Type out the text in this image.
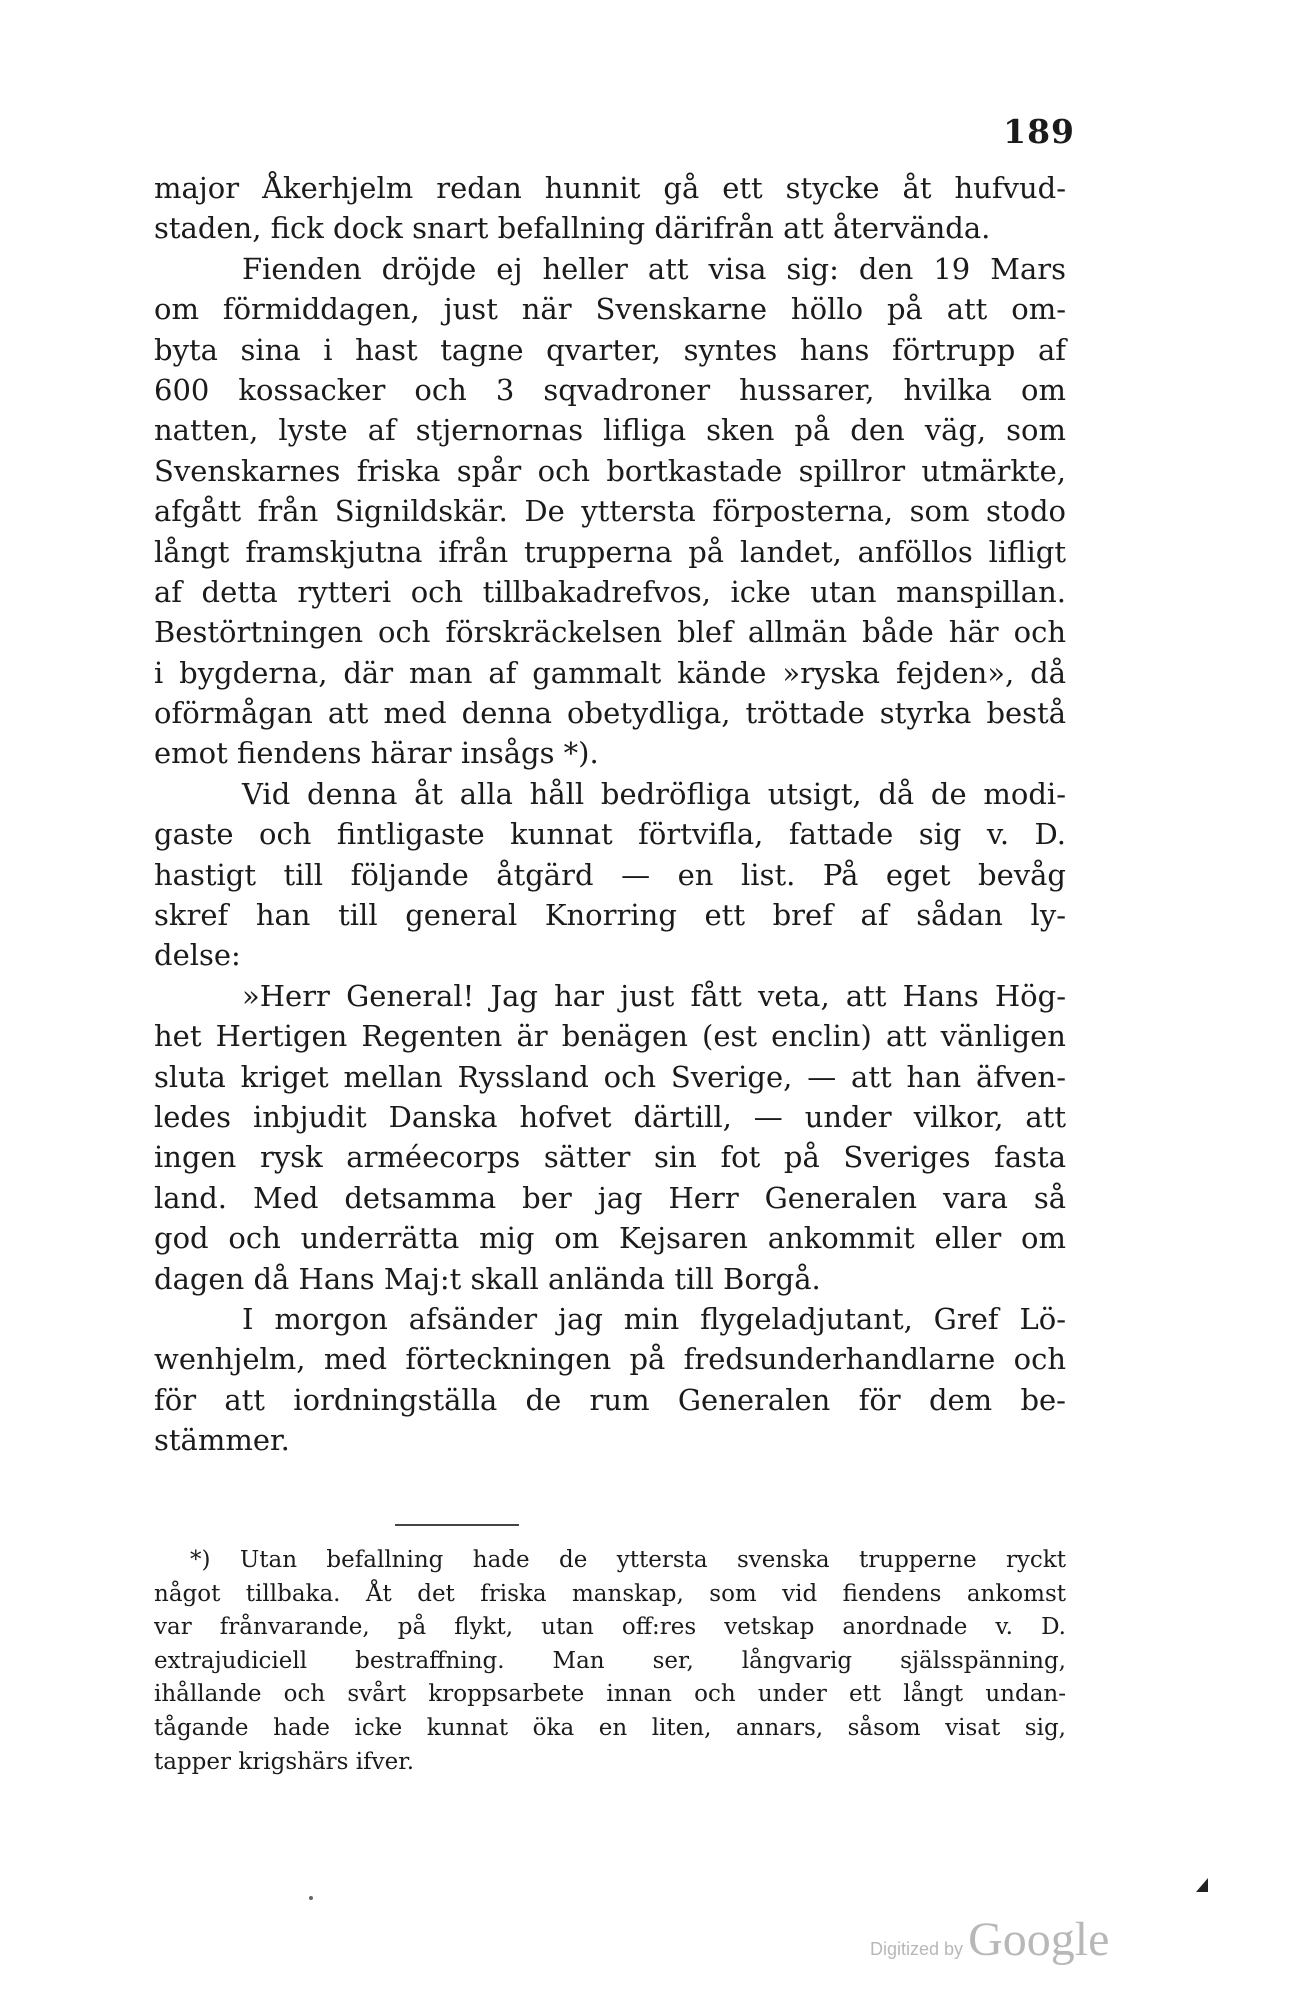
189
major Åkerhjelm redan hunnit gå ett stycke åt hufvud-
staden, fick dock snart befallning därifrån att återvända.
Fienden dröjde ej heller att visa sig: den 19 Mars
om förmiddagen, just när Svenskarne höllo på att om-
byta sina i hast tagne qvarter, syntes hans förtrupp af
600 kossacker och 3 sqvadroner hussarer, hvilka om
natten, lyste af stjernornas lifliga sken på den väg, som
Svenskarnes friska spår och bortkastade spillror utmärkte,
afgått från Signildskär. De yttersta förposterna, som stodo
långt framskjutna ifrån trupperna på landet, anföllos lifligt
af detta rytteri och tillbakadrefvos, icke utan manspillan.
Bestörtningen och förskräckelsen blef allmän både här och
i bygderna, där man af gammalt kände »ryska fejden», då
oförmågan att med denna obetydliga, tröttade styrka bestå
emot fiendens härar insågs *).
Vid denna åt alla håll bedröfliga utsigt, då de modi-
gaste och fintligaste kunnat förtvifla, fattade sig v. D.
hastigt till följande åtgärd — en list. På eget bevåg
skref han till general Knorring ett bref af sådan ly-
delse:
»Herr General! Jag har just fått veta, att Hans Hög-
het Hertigen Regenten är benägen (est enclin) att vänligen
sluta kriget mellan Ryssland och Sverige, — att han äfven-
ledes inbjudit Danska hofvet därtill, — under vilkor, att
ingen rysk arméecorps sätter sin fot på Sveriges fasta
land. Med detsamma ber jag Herr Generalen vara så
god och underrätta mig om Kejsaren ankommit eller om
dagen då Hans Maj:t skall anlända till Borgå.
I morgon afsänder jag min flygeladjutant, Gref Lö-
wenhjelm, med förteckningen på fredsunderhandlarne och
för att iordningställa de rum Generalen för dem be-
stämmer.
*) Utan befallning hade de yttersta svenska trupperne ryckt
något tillbaka. Åt det friska manskap, som vid fiendens ankomst
var frånvarande, på flykt, utan off:res vetskap anordnade v. D.
extrajudiciell bestraffning. Man ser, långvarig själsspänning,
ihållande och svårt kroppsarbete innan och under ett långt undan-
tågande hade icke kunnat öka en liten, annars, såsom visat sig,
tapper krigshärs ifver.
Digitized by Google
